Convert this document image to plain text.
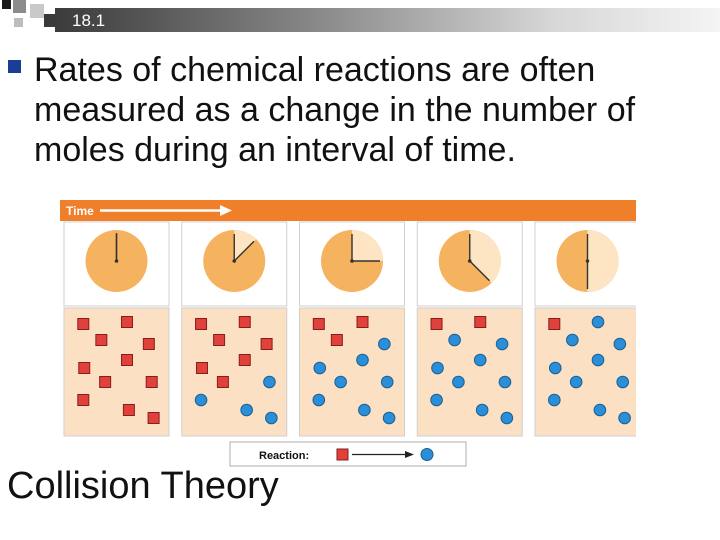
18.1
Rates of chemical reactions are often measured as a change in the number of moles during an interval of time.
Time
Reaction:
Collision Theory
